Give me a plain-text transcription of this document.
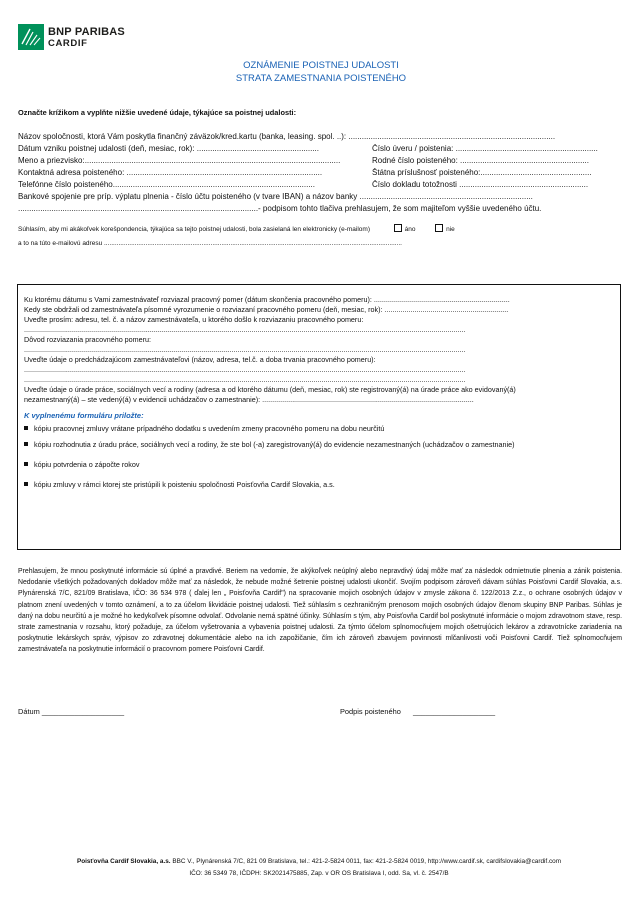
BNP PARIBAS
CARDIF
OZNÁMENIE POISTNEJ UDALOSTI
STRATA ZAMESTNANIA POISTENÉHO
Označte krížikom a vyplňte nižšie uvedené údaje, týkajúce sa poistnej udalosti:
Názov spoločnosti, ktorá Vám poskytla finančný záväzok/kred.kartu (banka, leasing. spol. ..): .............................................................................................
Dátum vzniku poistnej udalosti (deň, mesiac, rok): .......................................................	Číslo úveru / poistenia: ................................................................
Meno a priezvisko:...................................................................................................................	Rodné číslo poisteného: ..........................................................
Kontaktná adresa poisteného: ........................................................................................	Štátna príslušnosť poisteného:..................................................
Telefónne číslo poisteného...........................................................................................	Číslo dokladu totožnosti ..........................................................
Bankové spojenie pre príp. výplatu plnenia - číslo účtu poisteného (v tvare IBAN) a názov banky ..............................................................................
............................................................................................................- podpisom tohto tlačiva prehlasujem, že som majiteľom vyššie uvedeného účtu.
Súhlasím, aby mi akákoľvek korešpondencia, týkajúca sa tejto poistnej udalosti, bola zasielaná len elektronicky (e-mailom)	áno	nie
a to na túto e-mailovú adresu .....................................................................................................................................................................
Ku ktorému dátumu s Vami zamestnávateľ rozviazal pracovný pomer (dátum skončenia pracovného pomeru): ....................................................................
Kedy ste obdržali od zamestnávateľa písomné vyrozumenie o rozviazaní pracovného pomeru (deň, mesiac, rok): ..............................................................
Uveďte prosím: adresu, tel. č. a názov zamestnávateľa, u ktorého došlo k rozviazaniu pracovného pomeru:
.............................................................................................................................................................................................................................
Dôvod rozviazania pracovného pomeru:
.............................................................................................................................................................................................................................
Uveďte údaje o predchádzajúcom zamestnávateľovi (názov, adresa, tel.č. a doba trvania pracovného pomeru):
.............................................................................................................................................................................................................................
.............................................................................................................................................................................................................................
Uveďte údaje o úrade práce, sociálnych vecí a rodiny (adresa a od ktorého dátumu (deň, mesiac, rok) ste registrovaný(á) na úrade práce ako evidovaný(á)
nezamestnaný(á) – ste vedený(á) v evidencii uchádzačov o zamestnanie): ..........................................................................................................
K vyplnenému formuláru priložte:
kópiu pracovnej zmluvy vrátane prípadného dodatku s uvedením zmeny pracovného pomeru na dobu neurčitú
kópiu rozhodnutia z úradu práce, sociálnych vecí a rodiny, že ste bol (-a) zaregistrovaný(á) do evidencie nezamestnaných (uchádzačov o zamestnanie)
kópiu potvrdenia o zápočte rokov
kópiu zmluvy v rámci ktorej ste pristúpili k poisteniu spoločnosti Poisťovňa Cardif Slovakia, a.s.
Prehlasujem, že mnou poskytnuté informácie sú úplné a pravdivé. Beriem na vedomie, že akýkoľvek neúplný alebo nepravdivý údaj môže mať za následok odmietnutie plnenia a zánik poistenia. Nedodanie všetkých požadovaných dokladov môže mať za následok, že nebude možné šetrenie poistnej udalosti ukončiť. Svojím podpisom zároveň dávam súhlas Poisťovni Cardif Slovakia, a.s. Plynárenská 7/C, 821/09 Bratislava, IČO: 36 534 978 ( ďalej len „ Poisťovňa Cardif") na spracovanie mojich osobných údajov v zmysle zákona č. 122/2013 Z.z., o ochrane osobných údajov v platnom znení uvedených v tomto oznámení, a to za účelom likvidácie poistnej udalosti. Tiež súhlasím s cezhraničným prenosom mojich osobných údajov členom skupiny BNP Paribas. Súhlas je daný na dobu neurčitú a je možné ho kedykoľvek písomne odvolať. Odvolanie nemá spätné účinky. Súhlasím s tým, aby Poisťovňa Cardif bol poskytnuté informácie o mojom zdravotnom stave, resp. strate zamestnania v rozsahu, ktorý požaduje, za účelom vyšetrovania a vybavenia poistnej udalosti. Za týmto účelom splnomocňujem mojich ošetrujúcich lekárov a zdravotnícke zariadenia na poskytnutie lekárskych správ, výpisov zo zdravotnej dokumentácie alebo na ich zapožičanie, čím ich zároveň zbavujem povinnosti mlčanlivosti voči Poisťovni Cardif. Tiež splnomocňujem zamestnávateľa na poskytnutie informácií o pracovnom pomere Poisťovni Cardif.
Dátum ____________________	Podpis poisteného ____________________
Poisťovňa Cardif Slovakia, a.s. BBC V., Plynárenská 7/C, 821 09 Bratislava, tel.: 421-2-5824 0011, fax: 421-2-5824 0019, http://www.cardif.sk, cardifslovakia@cardif.com
IČO: 36 5349 78, IČDPH: SK2021475885, Zap. v OR OS Bratislava I, odd. Sa, vl. č. 2547/B
